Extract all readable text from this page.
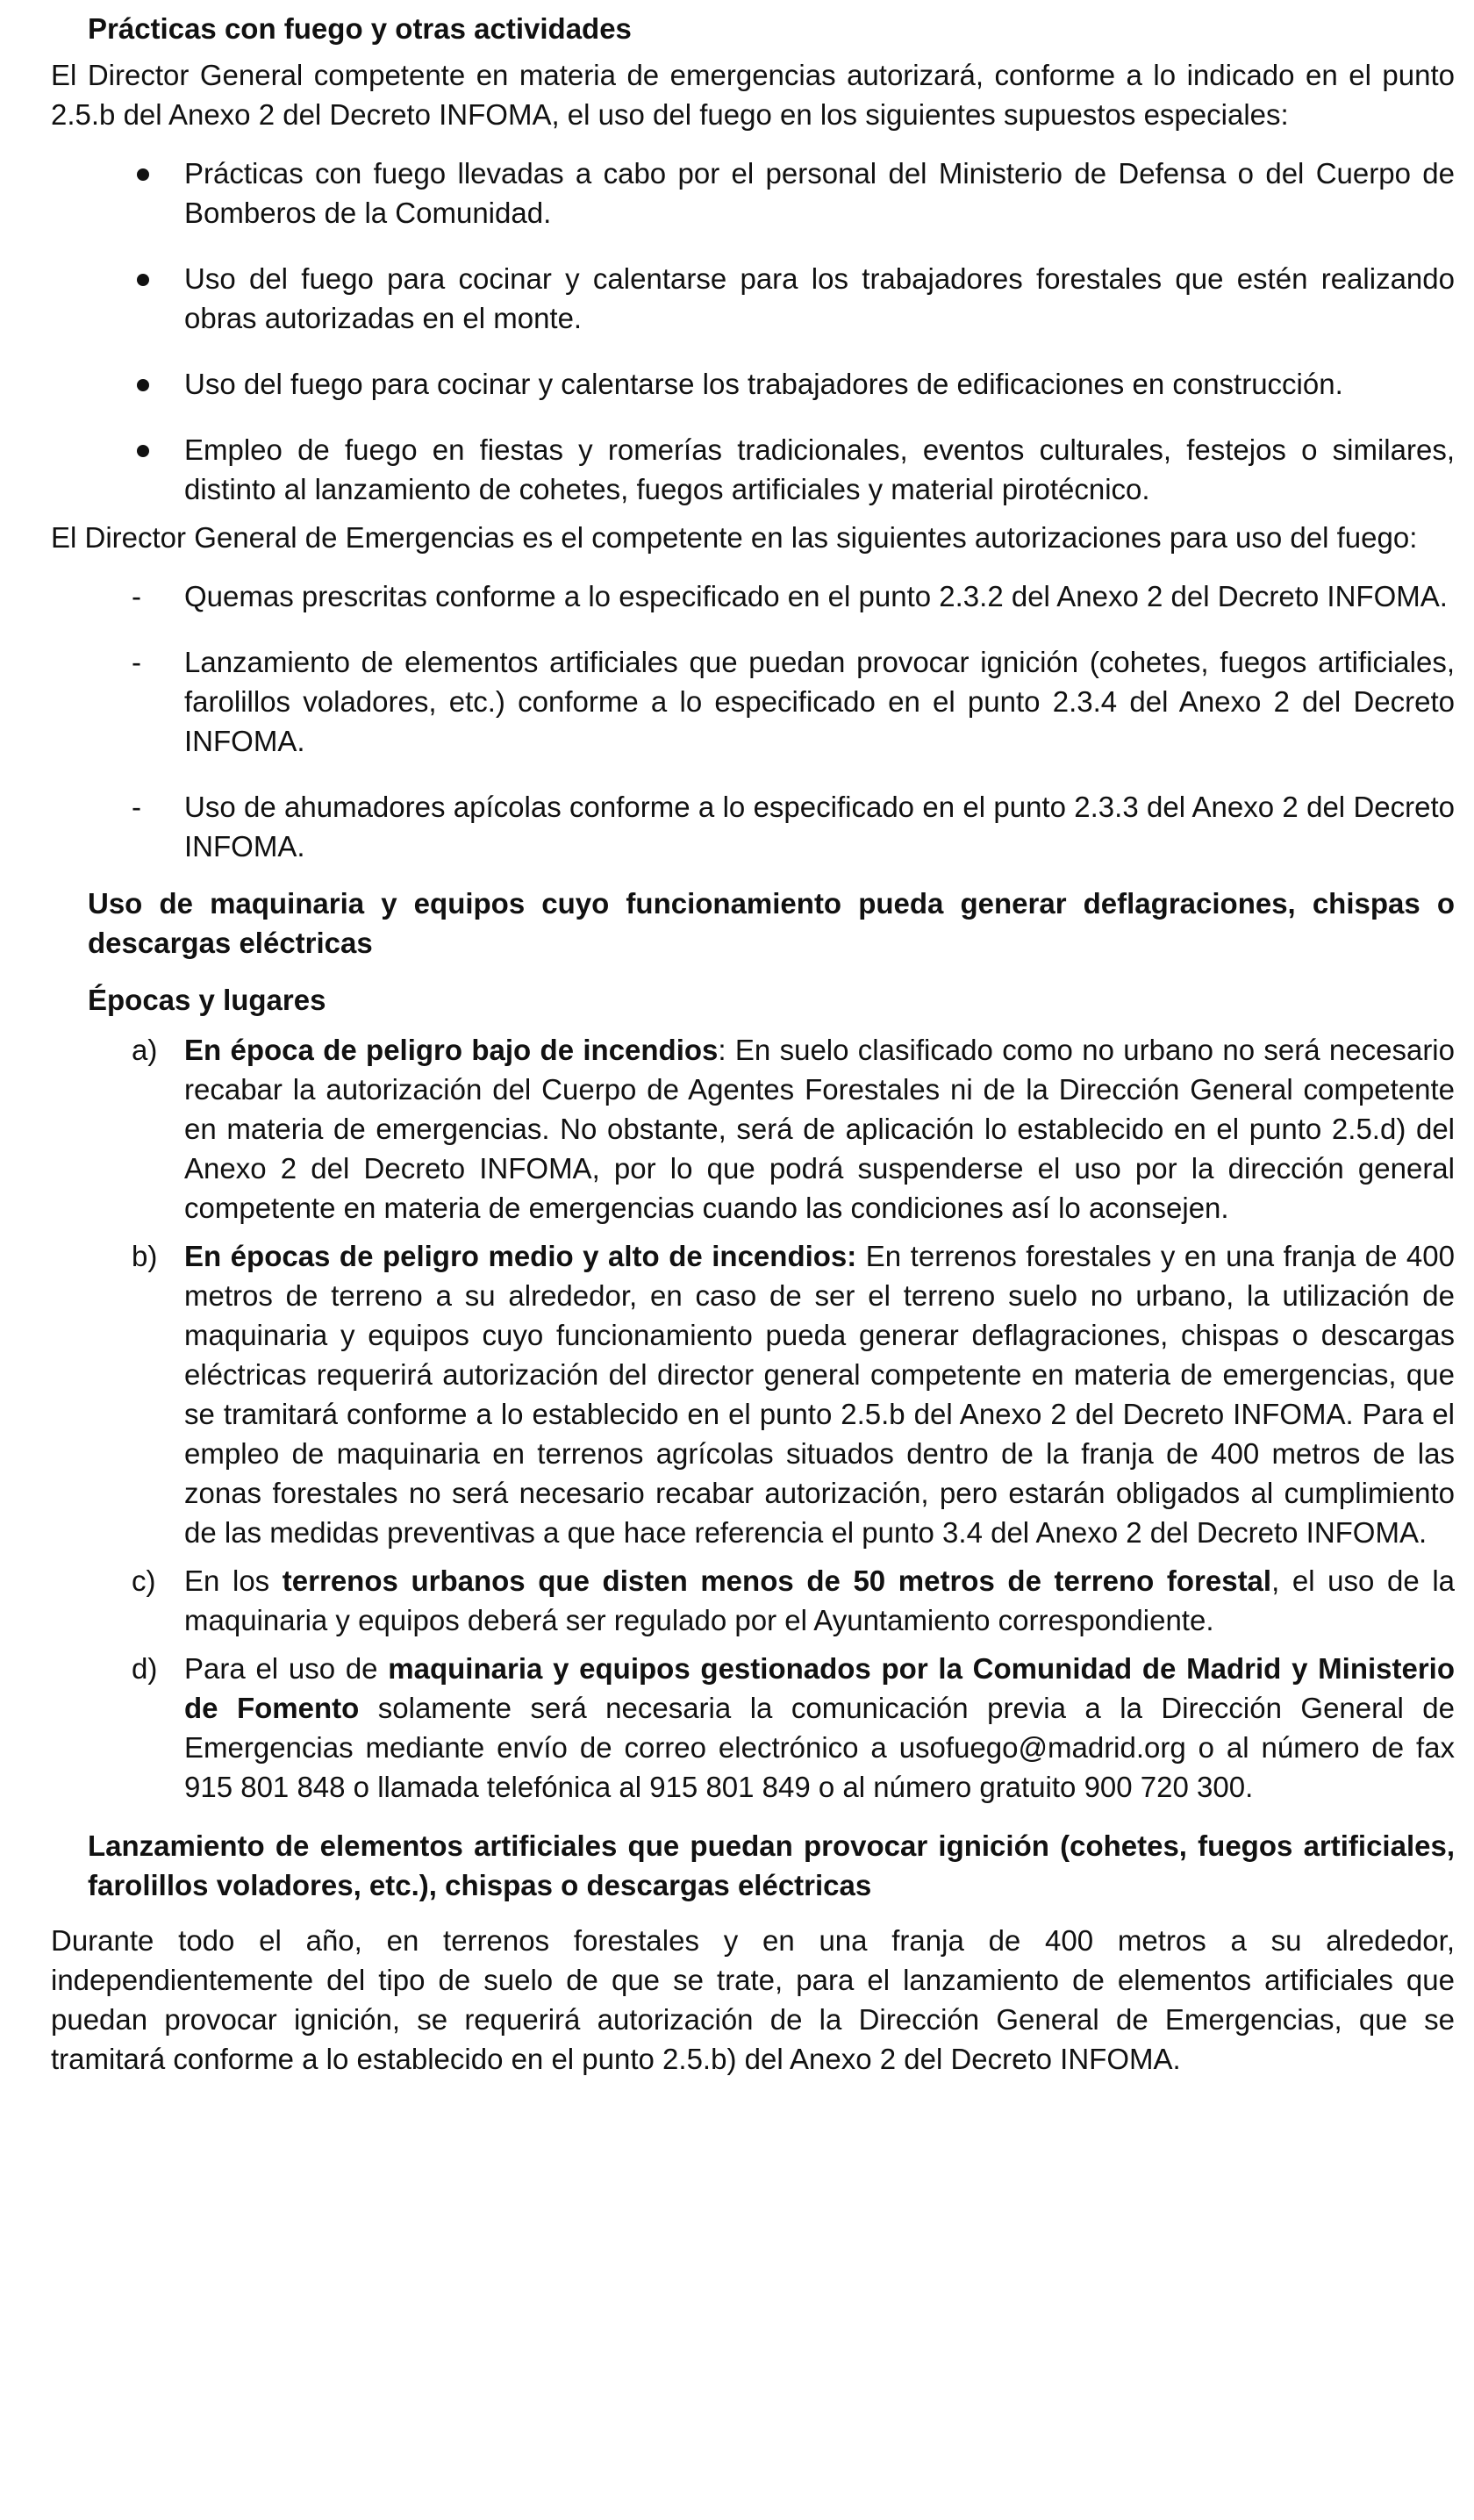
Prácticas con fuego y otras actividades

El Director General competente en materia de emergencias autorizará, conforme a lo indicado en el punto 2.5.b del Anexo 2 del Decreto INFOMA, el uso del fuego en los siguientes supuestos especiales:

Prácticas con fuego llevadas a cabo por el personal del Ministerio de Defensa o del Cuerpo de Bomberos de la Comunidad.
Uso del fuego para cocinar y calentarse para los trabajadores forestales que estén realizando obras autorizadas en el monte.
Uso del fuego para cocinar y calentarse los trabajadores de edificaciones en construcción.
Empleo de fuego en fiestas y romerías tradicionales, eventos culturales, festejos o similares, distinto al lanzamiento de cohetes, fuegos artificiales y material pirotécnico.

El Director General de Emergencias es el competente en las siguientes autorizaciones para uso del fuego:

-	Quemas prescritas conforme a lo especificado en el punto 2.3.2 del Anexo 2 del Decreto INFOMA.
-	Lanzamiento de elementos artificiales que puedan provocar ignición (cohetes, fuegos artificiales, farolillos voladores, etc.) conforme a lo especificado en el punto 2.3.4 del Anexo 2 del Decreto INFOMA.
-	Uso de ahumadores apícolas conforme a lo especificado en el punto 2.3.3 del Anexo 2 del Decreto INFOMA.
Uso de maquinaria y equipos cuyo funcionamiento pueda generar deflagraciones, chispas o descargas eléctricas
Épocas y lugares
a) En época de peligro bajo de incendios: En suelo clasificado como no urbano no será necesario recabar la autorización del Cuerpo de Agentes Forestales ni de la Dirección General competente en materia de emergencias. No obstante, será de aplicación lo establecido en el punto 2.5.d) del Anexo 2 del Decreto INFOMA, por lo que podrá suspenderse el uso por la dirección general competente en materia de emergencias cuando las condiciones así lo aconsejen.
b) En épocas de peligro medio y alto de incendios: En terrenos forestales y en una franja de 400 metros de terreno a su alrededor, en caso de ser el terreno suelo no urbano, la utilización de maquinaria y equipos cuyo funcionamiento pueda generar deflagraciones, chispas o descargas eléctricas requerirá autorización del director general competente en materia de emergencias, que se tramitará conforme a lo establecido en el punto 2.5.b del Anexo 2 del Decreto INFOMA. Para el empleo de maquinaria en terrenos agrícolas situados dentro de la franja de 400 metros de las zonas forestales no será necesario recabar autorización, pero estarán obligados al cumplimiento de las medidas preventivas a que hace referencia el punto 3.4 del Anexo 2 del Decreto INFOMA.
c) En los terrenos urbanos que disten menos de 50 metros de terreno forestal, el uso de la maquinaria y equipos deberá ser regulado por el Ayuntamiento correspondiente.
d) Para el uso de maquinaria y equipos gestionados por la Comunidad de Madrid y Ministerio de Fomento solamente será necesaria la comunicación previa a la Dirección General de Emergencias mediante envío de correo electrónico a usofuego@madrid.org o al número de fax 915 801 848 o llamada telefónica al 915 801 849 o al número gratuito 900 720 300.
Lanzamiento de elementos artificiales que puedan provocar ignición (cohetes, fuegos artificiales, farolillos voladores, etc.), chispas o descargas eléctricas

Durante todo el año, en terrenos forestales y en una franja de 400 metros a su alrededor, independientemente del tipo de suelo de que se trate, para el lanzamiento de elementos artificiales que puedan provocar ignición, se requerirá autorización de la Dirección General de Emergencias, que se tramitará conforme a lo establecido en el punto 2.5.b) del Anexo 2 del Decreto INFOMA.
